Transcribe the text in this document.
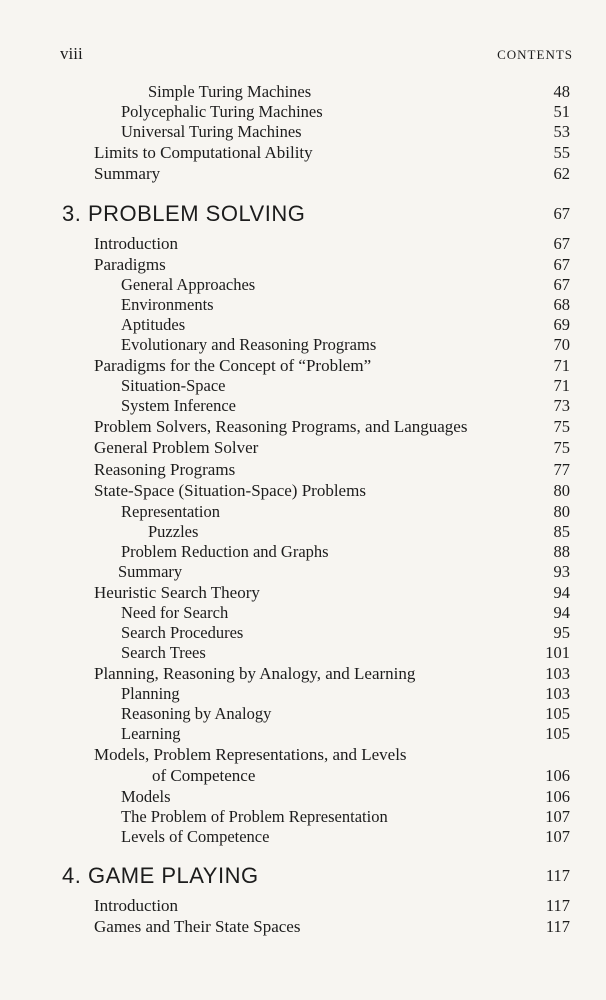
viii	CONTENTS
Simple Turing Machines	48
Polycephalic Turing Machines	51
Universal Turing Machines	53
Limits to Computational Ability	55
Summary	62
3. PROBLEM SOLVING	67
Introduction	67
Paradigms	67
General Approaches	67
Environments	68
Aptitudes	69
Evolutionary and Reasoning Programs	70
Paradigms for the Concept of “Problem”	71
Situation-Space	71
System Inference	73
Problem Solvers, Reasoning Programs, and Languages	75
General Problem Solver	75
Reasoning Programs	77
State-Space (Situation-Space) Problems	80
Representation	80
Puzzles	85
Problem Reduction and Graphs	88
Summary	93
Heuristic Search Theory	94
Need for Search	94
Search Procedures	95
Search Trees	101
Planning, Reasoning by Analogy, and Learning	103
Planning	103
Reasoning by Analogy	105
Learning	105
Models, Problem Representations, and Levels
of Competence	106
Models	106
The Problem of Problem Representation	107
Levels of Competence	107
4. GAME PLAYING	117
Introduction	117
Games and Their State Spaces	117
